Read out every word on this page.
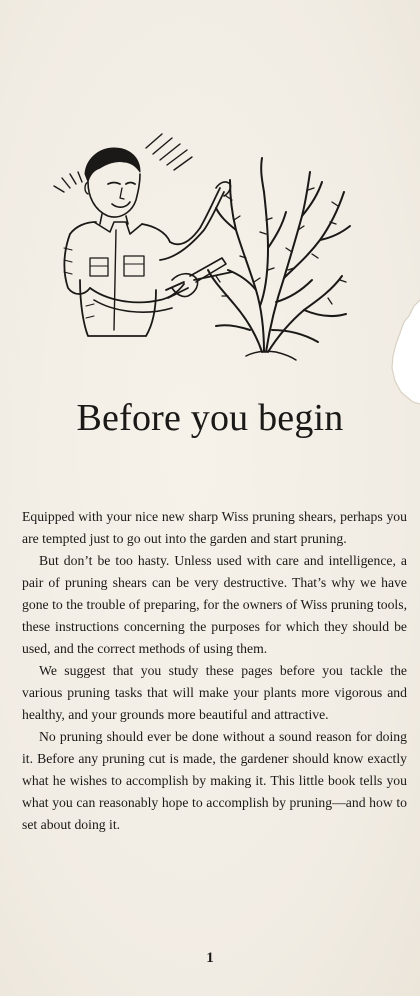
Before you begin

Equipped with your nice new sharp Wiss pruning shears, perhaps you are tempted just to go out into the garden and start pruning.

But don’t be too hasty. Unless used with care and intelligence, a pair of pruning shears can be very destructive. That’s why we have gone to the trouble of preparing, for the owners of Wiss pruning tools, these instructions concerning the purposes for which they should be used, and the correct methods of using them.

We suggest that you study these pages before you tackle the various pruning tasks that will make your plants more vigorous and healthy, and your grounds more beautiful and attractive.

No pruning should ever be done without a sound reason for doing it. Before any pruning cut is made, the gardener should know exactly what he wishes to accomplish by making it. This little book tells you what you can reasonably hope to accomplish by pruning—and how to set about doing it.

1
